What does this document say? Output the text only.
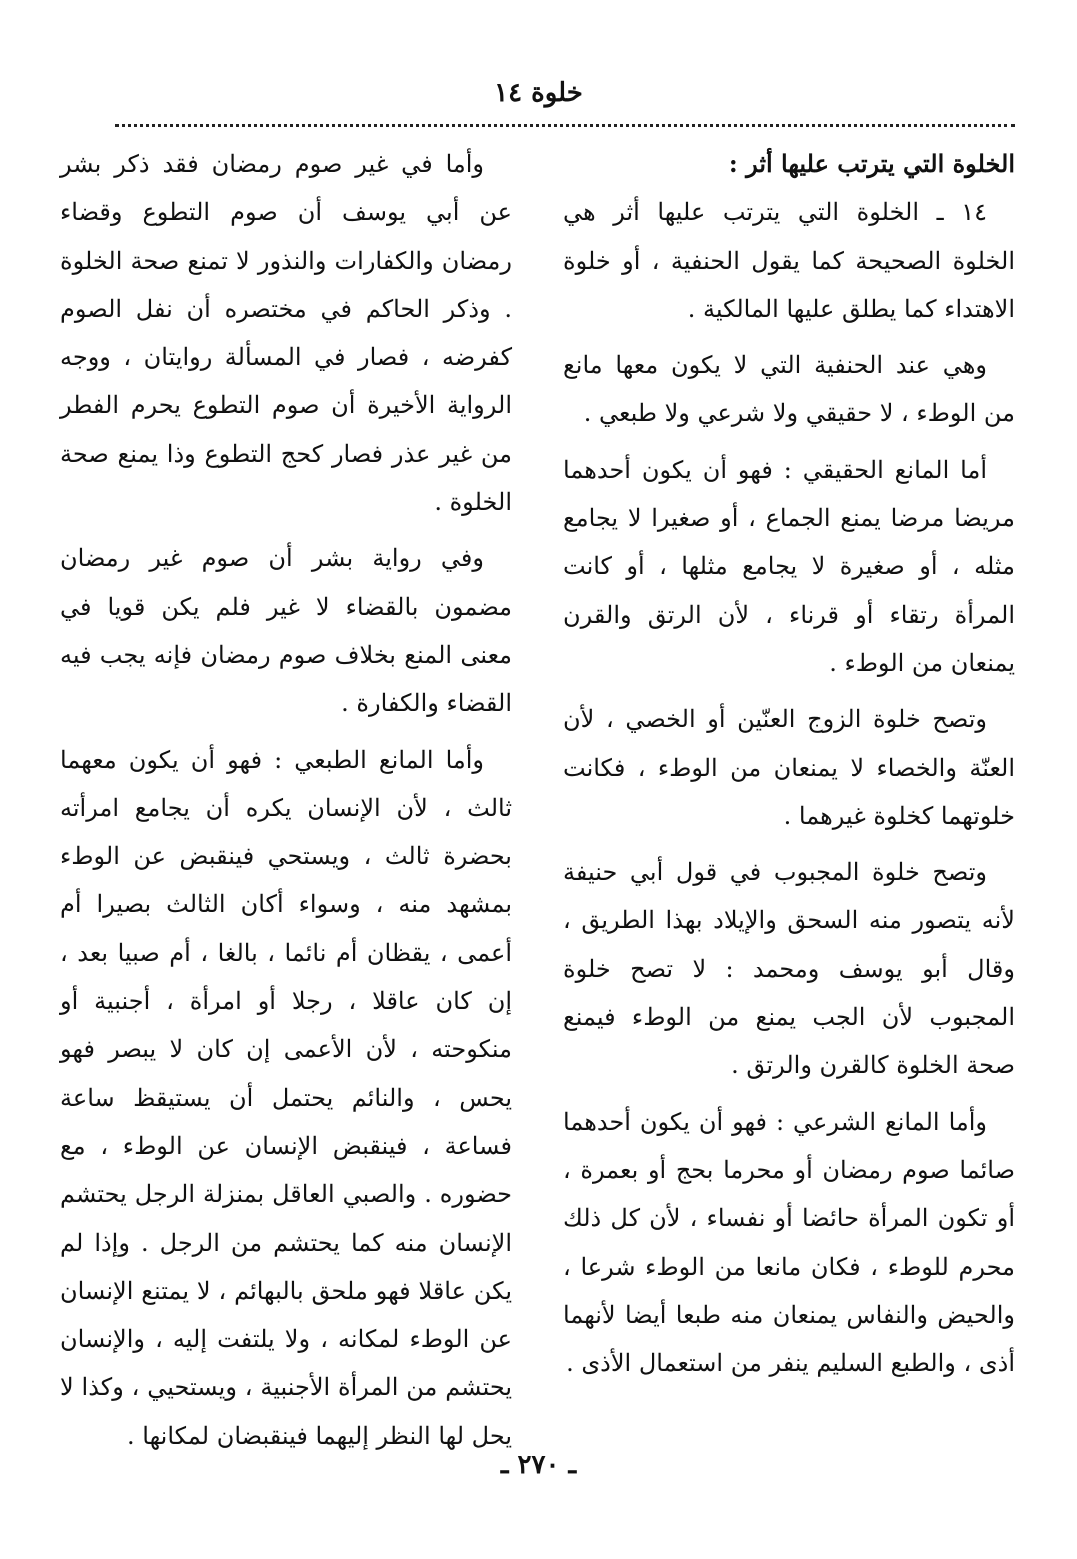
خلوة ١٤
الخلوة التي يترتب عليها أثر :

١٤ ـ الخلوة التي يترتب عليها أثر هي الخلوة الصحيحة كما يقول الحنفية ، أو خلوة الاهتداء كما يطلق عليها المالكية .

وهي عند الحنفية التي لا يكون معها مانع من الوطء ، لا حقيقي ولا شرعي ولا طبعي .

أما المانع الحقيقي : فهو أن يكون أحدهما مريضا مرضا يمنع الجماع ، أو صغيرا لا يجامع مثله ، أو صغيرة لا يجامع مثلها ، أو كانت المرأة رتقاء أو قرناء ، لأن الرتق والقرن يمنعان من الوطء .

وتصح خلوة الزوج العنّين أو الخصي ، لأن العنّة والخصاء لا يمنعان من الوطء ، فكانت خلوتهما كخلوة غيرهما .

وتصح خلوة المجبوب في قول أبي حنيفة لأنه يتصور منه السحق والإيلاد بهذا الطريق ، وقال أبو يوسف ومحمد : لا تصح خلوة المجبوب لأن الجب يمنع من الوطء فيمنع صحة الخلوة كالقرن والرتق .

وأما المانع الشرعي : فهو أن يكون أحدهما صائما صوم رمضان أو محرما بحج أو بعمرة ، أو تكون المرأة حائضا أو نفساء ، لأن كل ذلك محرم للوطء ، فكان مانعا من الوطء شرعا ، والحيض والنفاس يمنعان منه طبعا أيضا لأنهما أذى ، والطبع السليم ينفر من استعمال الأذى .

وأما في غير صوم رمضان فقد ذكر بشر عن أبي يوسف أن صوم التطوع وقضاء رمضان والكفارات والنذور لا تمنع صحة الخلوة . وذكر الحاكم في مختصره أن نفل الصوم كفرضه ، فصار في المسألة روايتان ، ووجه الرواية الأخيرة أن صوم التطوع يحرم الفطر من غير عذر فصار كحج التطوع وذا يمنع صحة الخلوة .

وفي رواية بشر أن صوم غير رمضان مضمون بالقضاء لا غير فلم يكن قويا في معنى المنع بخلاف صوم رمضان فإنه يجب فيه القضاء والكفارة .

وأما المانع الطبعي : فهو أن يكون معهما ثالث ، لأن الإنسان يكره أن يجامع امرأته بحضرة ثالث ، ويستحي فينقبض عن الوطء بمشهد منه ، وسواء أكان الثالث بصيرا أم أعمى ، يقظان أم نائما ، بالغا ، أم صبيا بعد ، إن كان عاقلا ، رجلا أو امرأة ، أجنبية أو منكوحته ، لأن الأعمى إن كان لا يبصر فهو يحس ، والنائم يحتمل أن يستيقظ ساعة فساعة ، فينقبض الإنسان عن الوطء ، مع حضوره . والصبي العاقل بمنزلة الرجل يحتشم الإنسان منه كما يحتشم من الرجل . وإذا لم يكن عاقلا فهو ملحق بالبهائم ، لا يمتنع الإنسان عن الوطء لمكانه ، ولا يلتفت إليه ، والإنسان يحتشم من المرأة الأجنبية ، ويستحيي ، وكذا لا يحل لها النظر إليهما فينقبضان لمكانها .

ـ ٢٧٠ ـ
